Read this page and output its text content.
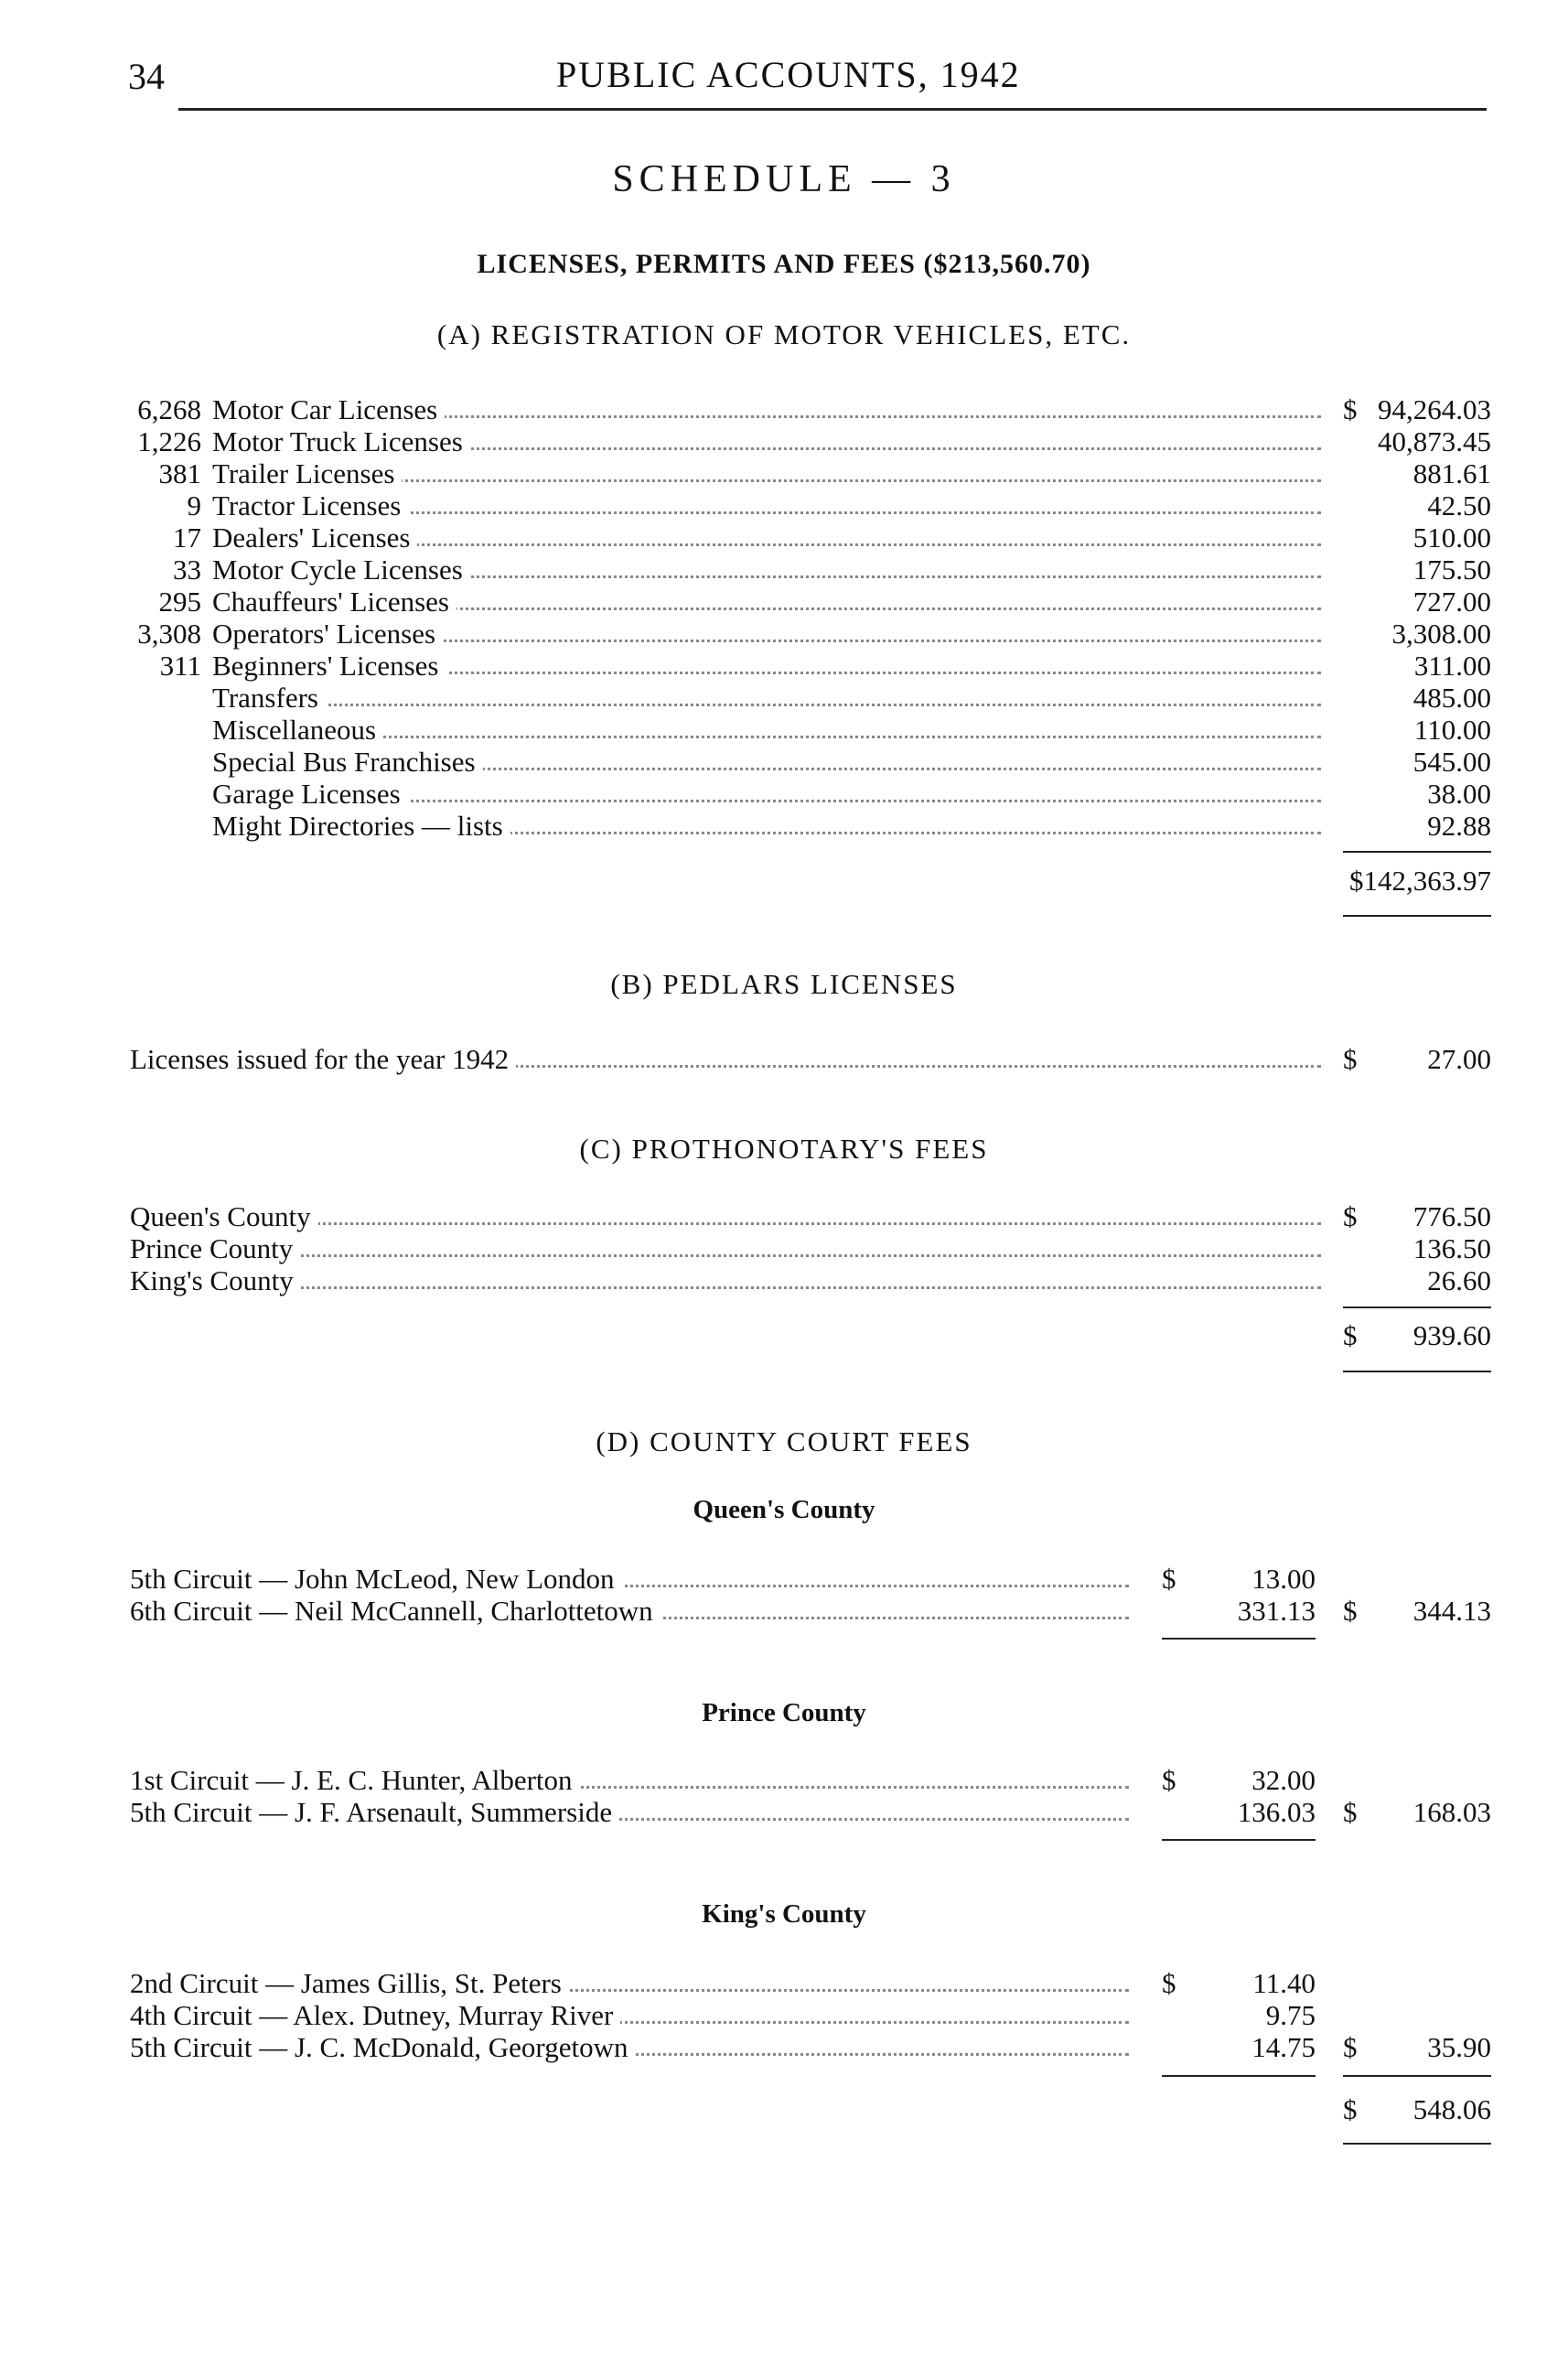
34	PUBLIC ACCOUNTS, 1942
SCHEDULE — 3
LICENSES, PERMITS AND FEES ($213,560.70)
(A) REGISTRATION OF MOTOR VEHICLES, ETC.
6,268 Motor Car Licenses	$ 94,264.03
1,226 Motor Truck Licenses	40,873.45
381 Trailer Licenses	881.61
9 Tractor Licenses	42.50
17 Dealers' Licenses	510.00
33 Motor Cycle Licenses	175.50
295 Chauffeurs' Licenses	727.00
3,308 Operators' Licenses	3,308.00
311 Beginners' Licenses	311.00
Transfers	485.00
Miscellaneous	110.00
Special Bus Franchises	545.00
Garage Licenses	38.00
Might Directories — lists	92.88
$142,363.97
(B) PEDLARS LICENSES
Licenses issued for the year 1942	$	27.00
(C) PROTHONOTARY'S FEES
Queen's County	$ 776.50
Prince County	136.50
King's County	26.60
$ 939.60
(D) COUNTY COURT FEES
Queen's County
5th Circuit — John McLeod, New London	$	13.00
6th Circuit — Neil McCannell, Charlottetown	331.13 $ 344.13
Prince County
1st Circuit — J. E. C. Hunter, Alberton	$	32.00
5th Circuit — J. F. Arsenault, Summerside	136.03 $ 168.03
King's County
2nd Circuit — James Gillis, St. Peters	$	11.40
4th Circuit — Alex. Dutney, Murray River	9.75
5th Circuit — J. C. McDonald, Georgetown	14.75 $	35.90
$ 548.06
